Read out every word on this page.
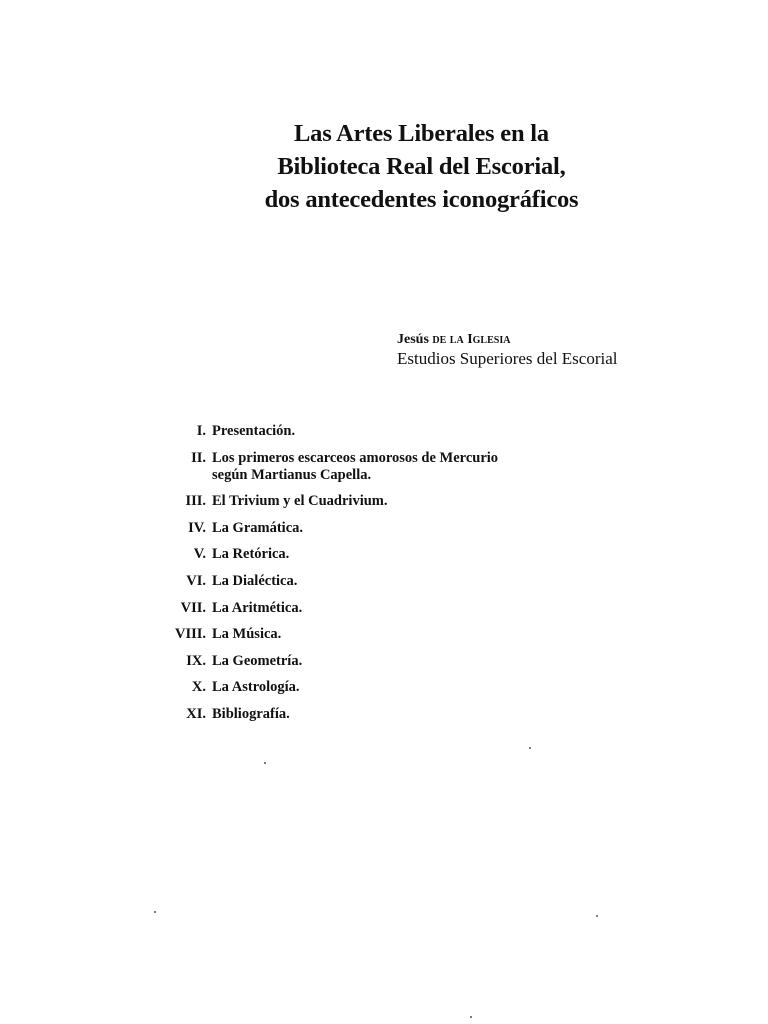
Las Artes Liberales en la
Biblioteca Real del Escorial,
dos antecedentes iconográficos
Jesús de la Iglesia
Estudios Superiores del Escorial
I. Presentación.
II. Los primeros escarceos amorosos de Mercurio
según Martianus Capella.
III. El Trivium y el Cuadrivium.
IV. La Gramática.
V. La Retórica.
VI. La Dialéctica.
VII. La Aritmética.
VIII. La Música.
IX. La Geometría.
X. La Astrología.
XI. Bibliografía.
